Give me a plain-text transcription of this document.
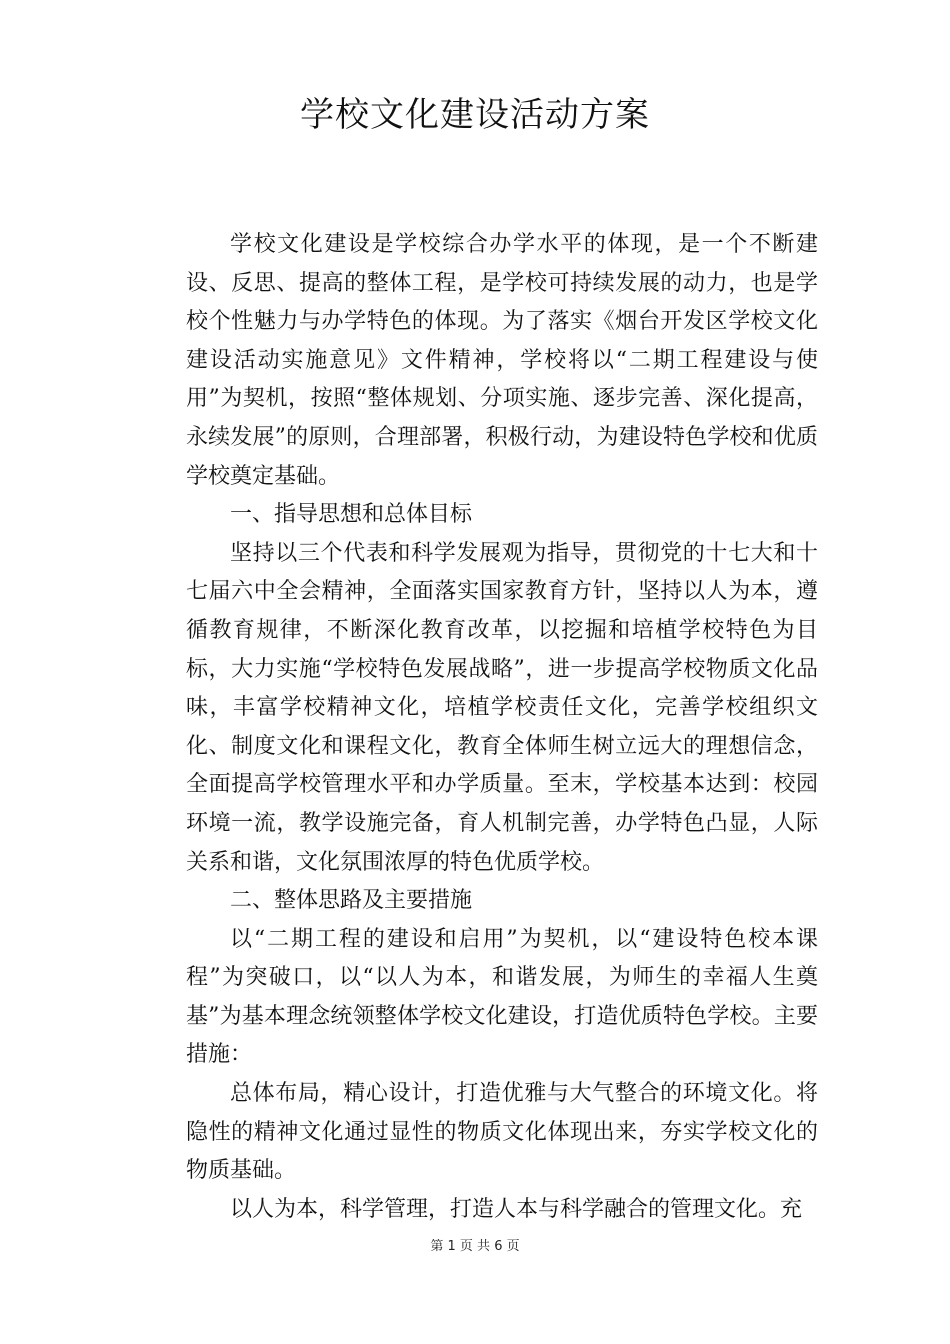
学校文化建设活动方案

学校文化建设是学校综合办学水平的体现，是一个不断建设、反思、提高的整体工程，是学校可持续发展的动力，也是学校个性魅力与办学特色的体现。为了落实《烟台开发区学校文化建设活动实施意见》文件精神，学校将以“二期工程建设与使用”为契机，按照“整体规划、分项实施、逐步完善、深化提高，永续发展”的原则，合理部署，积极行动，为建设特色学校和优质学校奠定基础。

一、指导思想和总体目标

坚持以三个代表和科学发展观为指导，贯彻党的十七大和十七届六中全会精神，全面落实国家教育方针，坚持以人为本，遵循教育规律，不断深化教育改革，以挖掘和培植学校特色为目标，大力实施“学校特色发展战略”，进一步提高学校物质文化品味，丰富学校精神文化，培植学校责任文化，完善学校组织文化、制度文化和课程文化，教育全体师生树立远大的理想信念，全面提高学校管理水平和办学质量。至末，学校基本达到：校园环境一流，教学设施完备，育人机制完善，办学特色凸显，人际关系和谐，文化氛围浓厚的特色优质学校。

二、整体思路及主要措施

以“二期工程的建设和启用”为契机，以“建设特色校本课程”为突破口，以“以人为本，和谐发展，为师生的幸福人生奠基”为基本理念统领整体学校文化建设，打造优质特色学校。主要措施：

总体布局，精心设计，打造优雅与大气整合的环境文化。将隐性的精神文化通过显性的物质文化体现出来，夯实学校文化的物质基础。

以人为本，科学管理，打造人本与科学融合的管理文化。充

第 1 页 共 6 页
